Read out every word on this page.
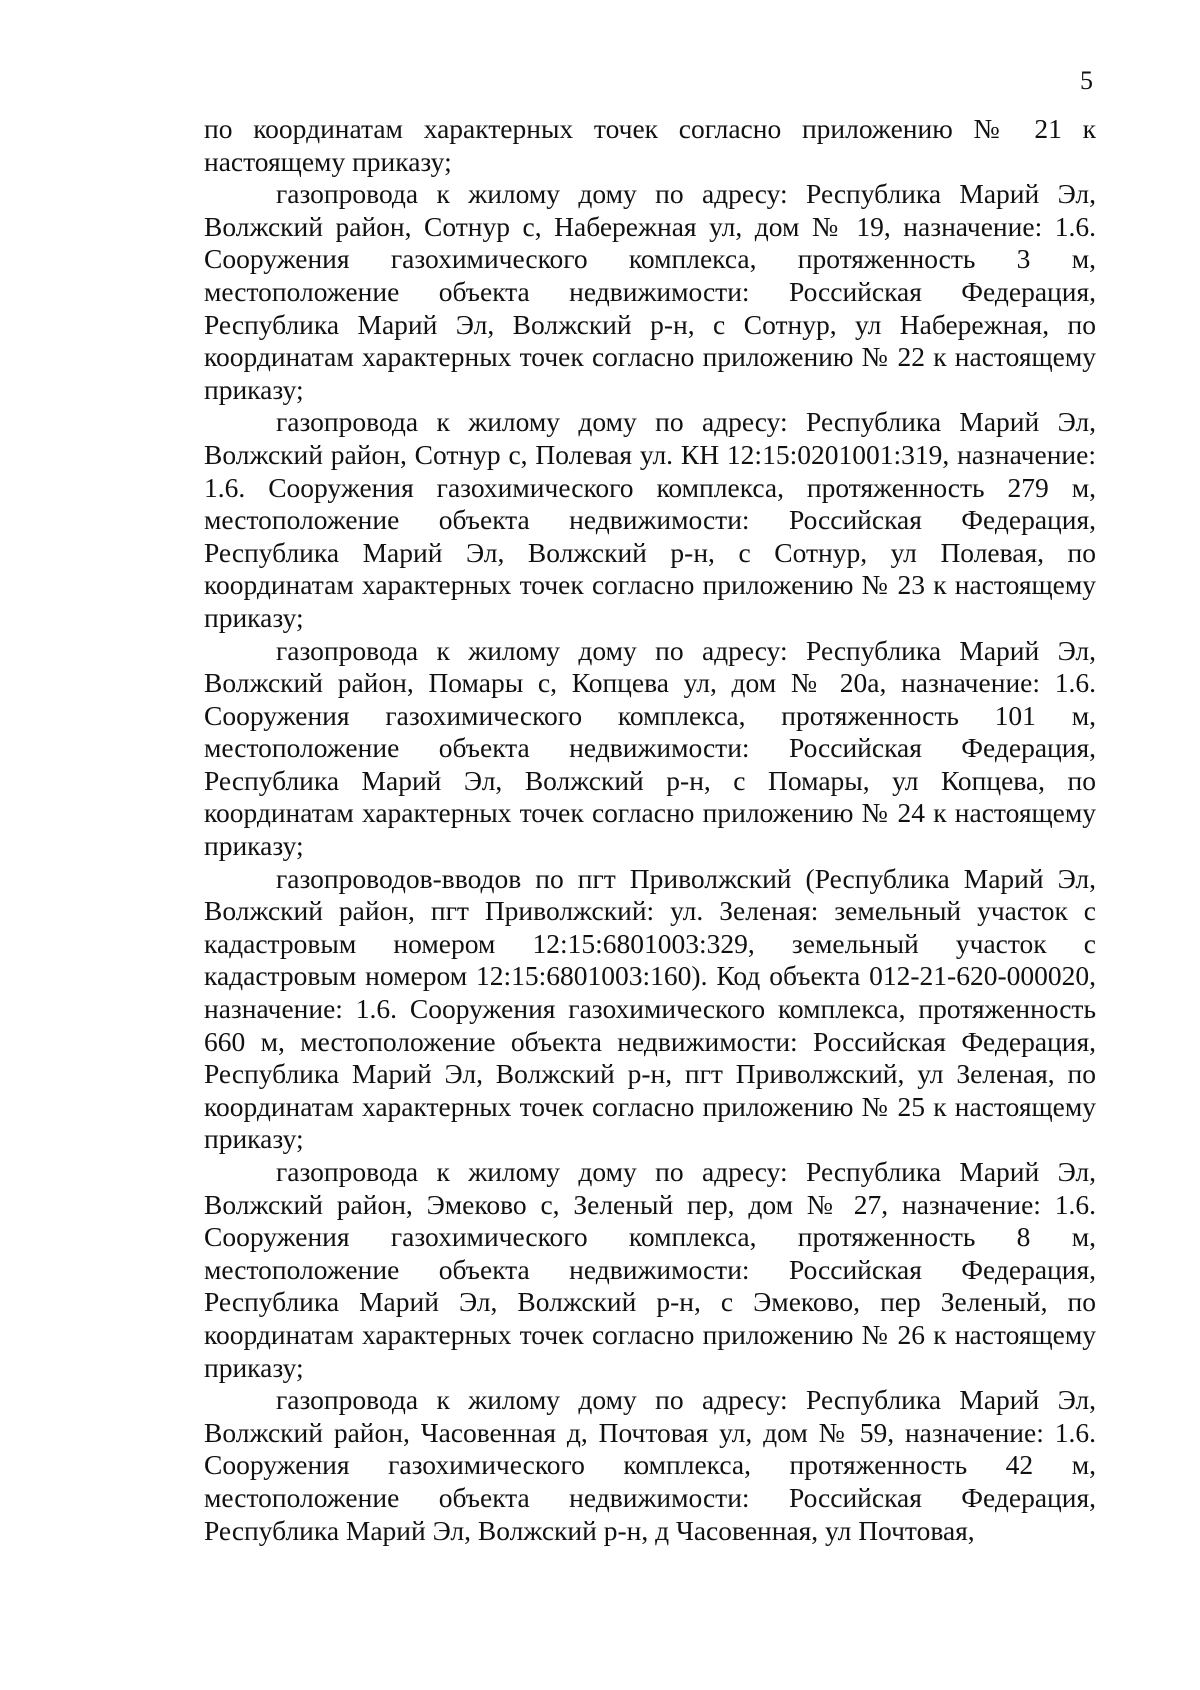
5

по координатам характерных точек согласно приложению № 21 к настоящему приказу;

газопровода к жилому дому по адресу: Республика Марий Эл, Волжский район, Сотнур с, Набережная ул, дом № 19, назначение: 1.6. Сооружения газохимического комплекса, протяженность 3 м, местоположение объекта недвижимости: Российская Федерация, Республика Марий Эл, Волжский р-н, с Сотнур, ул Набережная, по координатам характерных точек согласно приложению № 22 к настоящему приказу;

газопровода к жилому дому по адресу: Республика Марий Эл, Волжский район, Сотнур с, Полевая ул. КН 12:15:0201001:319, назначение: 1.6. Сооружения газохимического комплекса, протяженность 279 м, местоположение объекта недвижимости: Российская Федерация, Республика Марий Эл, Волжский р-н, с Сотнур, ул Полевая, по координатам характерных точек согласно приложению № 23 к настоящему приказу;

газопровода к жилому дому по адресу: Республика Марий Эл, Волжский район, Помары с, Копцева ул, дом № 20а, назначение: 1.6. Сооружения газохимического комплекса, протяженность 101 м, местоположение объекта недвижимости: Российская Федерация, Республика Марий Эл, Волжский р-н, с Помары, ул Копцева, по координатам характерных точек согласно приложению № 24 к настоящему приказу;

газопроводов-вводов по пгт Приволжский (Республика Марий Эл, Волжский район, пгт Приволжский: ул. Зеленая: земельный участок с кадастровым номером 12:15:6801003:329, земельный участок с кадастровым номером 12:15:6801003:160). Код объекта 012-21-620-000020, назначение: 1.6. Сооружения газохимического комплекса, протяженность 660 м, местоположение объекта недвижимости: Российская Федерация, Республика Марий Эл, Волжский р-н, пгт Приволжский, ул Зеленая, по координатам характерных точек согласно приложению № 25 к настоящему приказу;

газопровода к жилому дому по адресу: Республика Марий Эл, Волжский район, Эмеково с, Зеленый пер, дом № 27, назначение: 1.6. Сооружения газохимического комплекса, протяженность 8 м, местоположение объекта недвижимости: Российская Федерация, Республика Марий Эл, Волжский р-н, с Эмеково, пер Зеленый, по координатам характерных точек согласно приложению № 26 к настоящему приказу;

газопровода к жилому дому по адресу: Республика Марий Эл, Волжский район, Часовенная д, Почтовая ул, дом № 59, назначение: 1.6. Сооружения газохимического комплекса, протяженность 42 м, местоположение объекта недвижимости: Российская Федерация, Республика Марий Эл, Волжский р-н, д Часовенная, ул Почтовая,
